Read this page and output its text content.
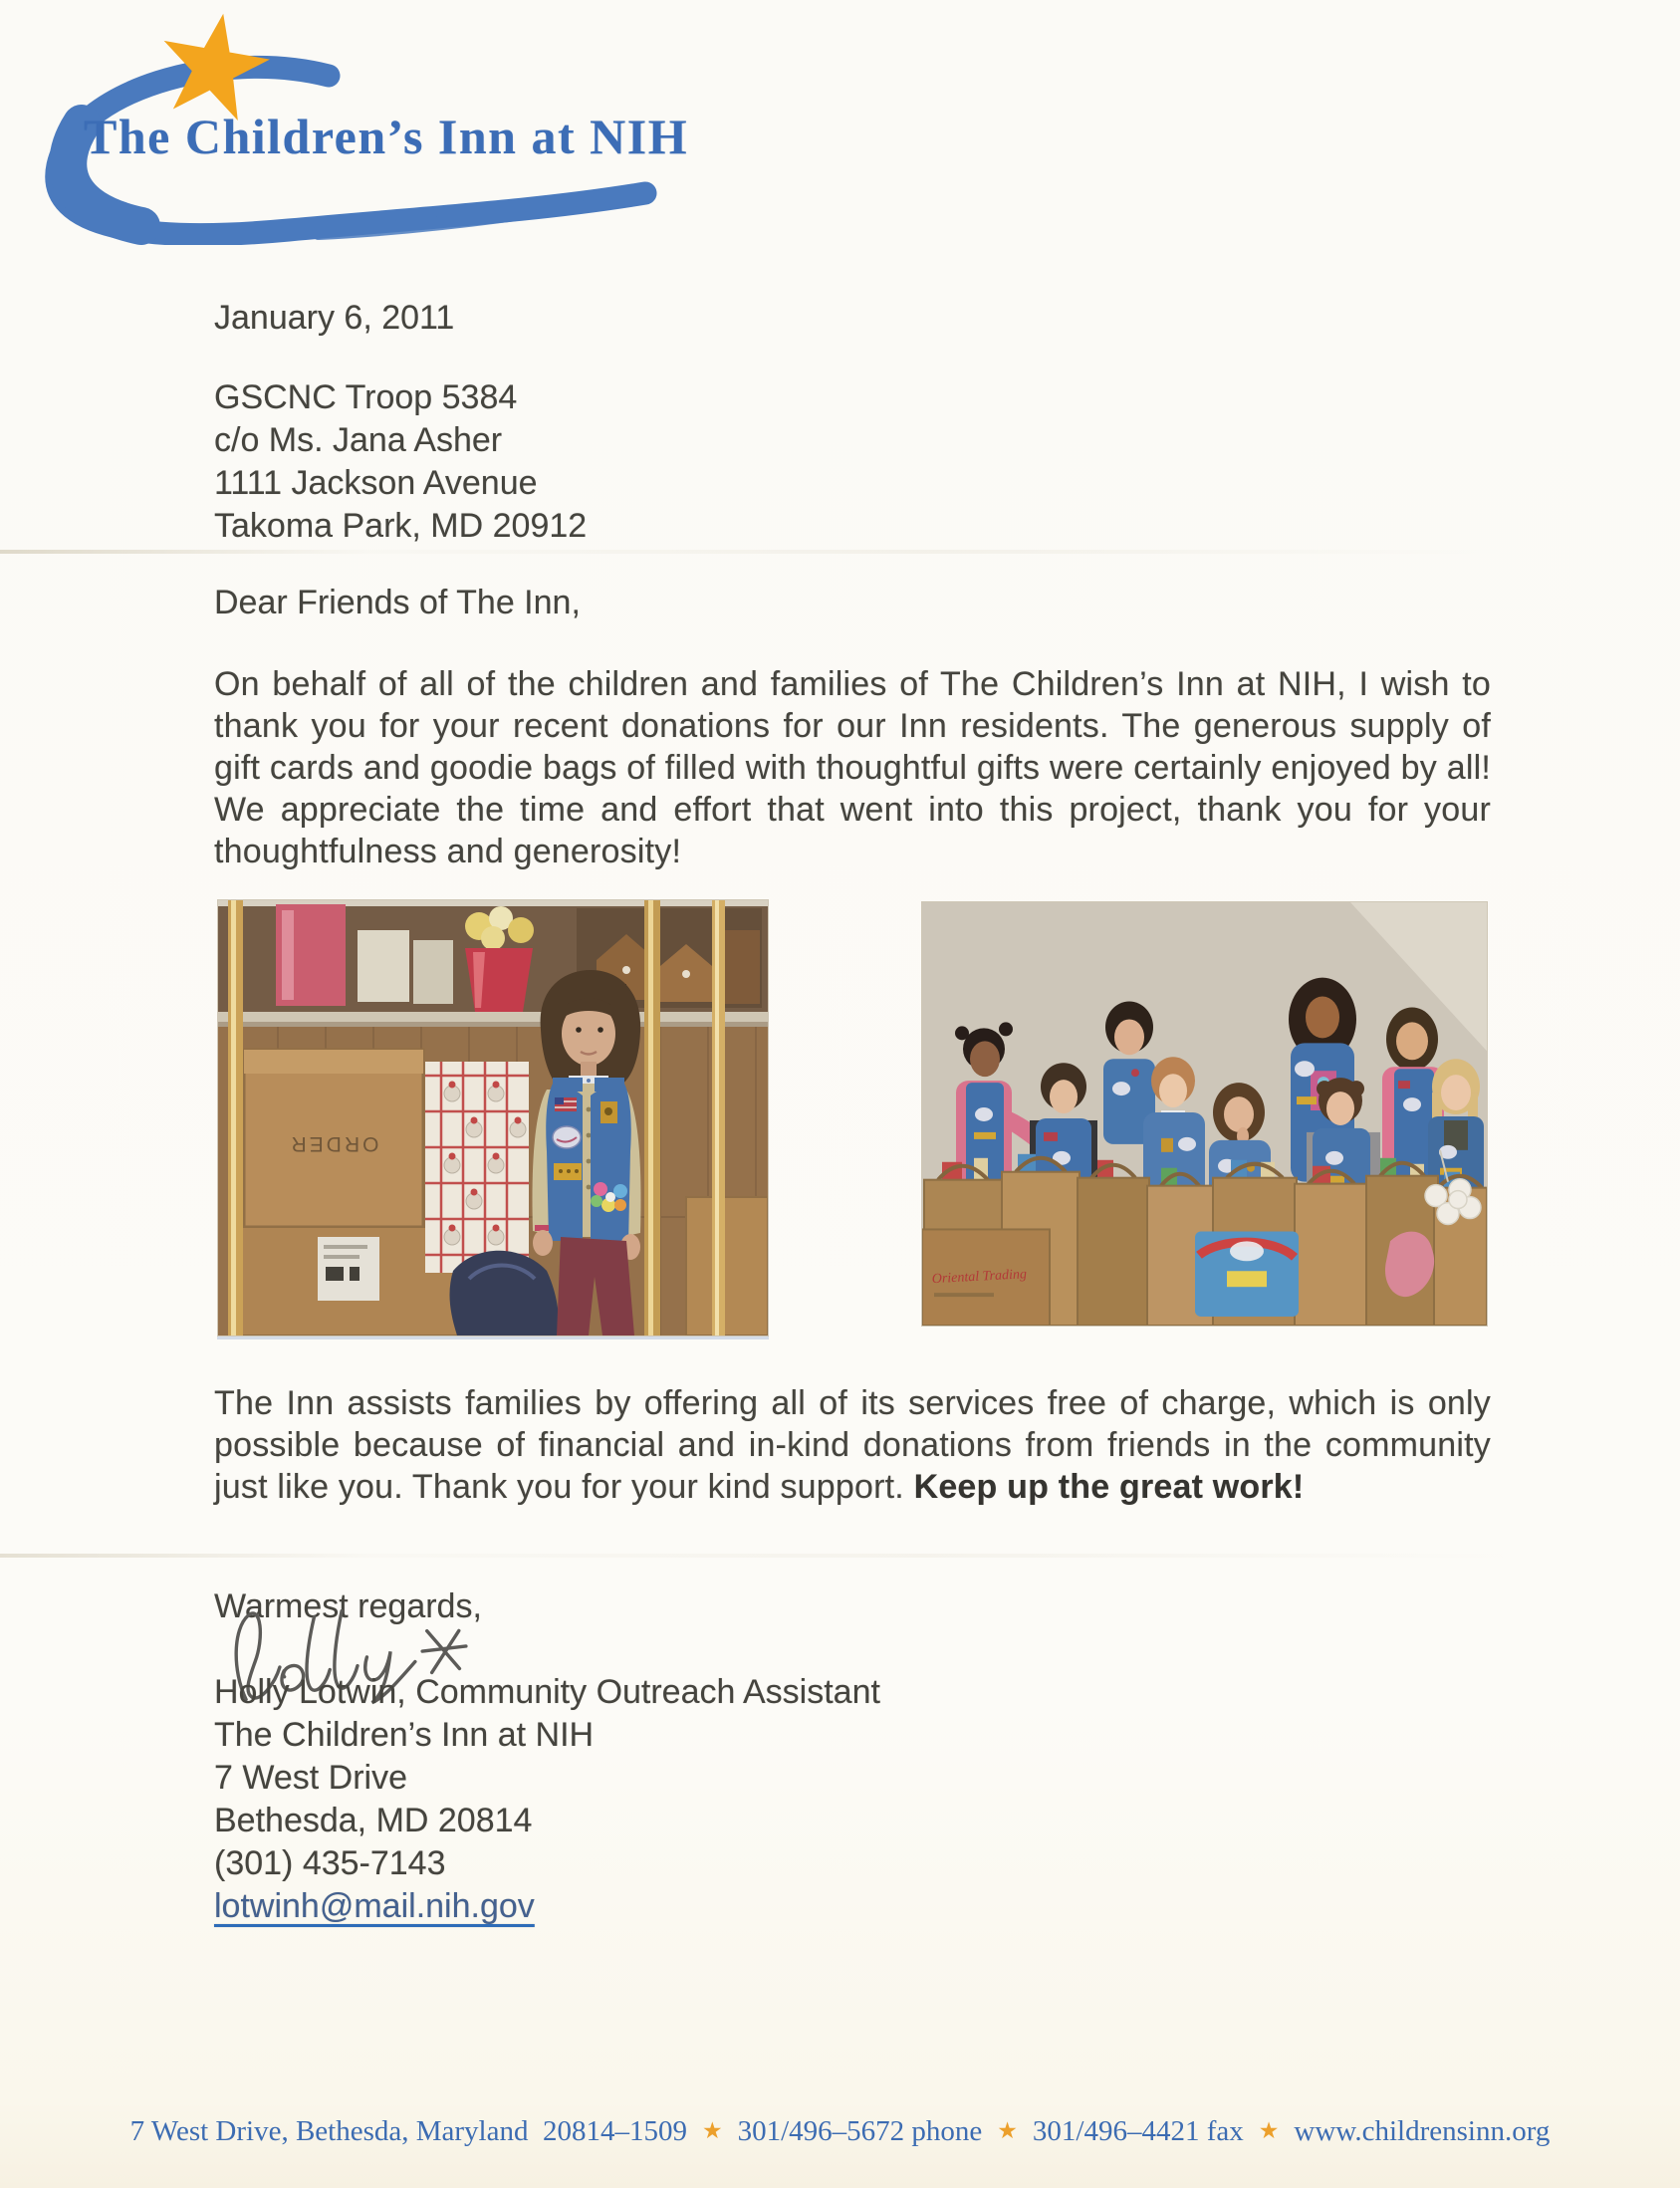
The Children’s Inn at NIH
January 6, 2011
GSCNC Troop 5384
c/o Ms. Jana Asher
1111 Jackson Avenue
Takoma Park, MD 20912
Dear Friends of The Inn,
On behalf of all of the children and families of The Children’s Inn at NIH, I wish to thank you for your recent donations for our Inn residents. The generous supply of gift cards and goodie bags of filled with thoughtful gifts were certainly enjoyed by all! We appreciate the time and effort that went into this project, thank you for your thoughtfulness and generosity!
ORDER
Oriental Trading
The Inn assists families by offering all of its services free of charge, which is only possible because of financial and in-kind donations from friends in the community just like you. Thank you for your kind support. Keep up the great work!
Warmest regards,
Holly Lotwin, Community Outreach Assistant
The Children’s Inn at NIH
7 West Drive
Bethesda, MD 20814
(301) 435-7143
lotwinh@mail.nih.gov
7 West Drive, Bethesda, Maryland  20814–1509 ★ 301/496–5672 phone ★ 301/496–4421 fax ★ www.childrensinn.org
